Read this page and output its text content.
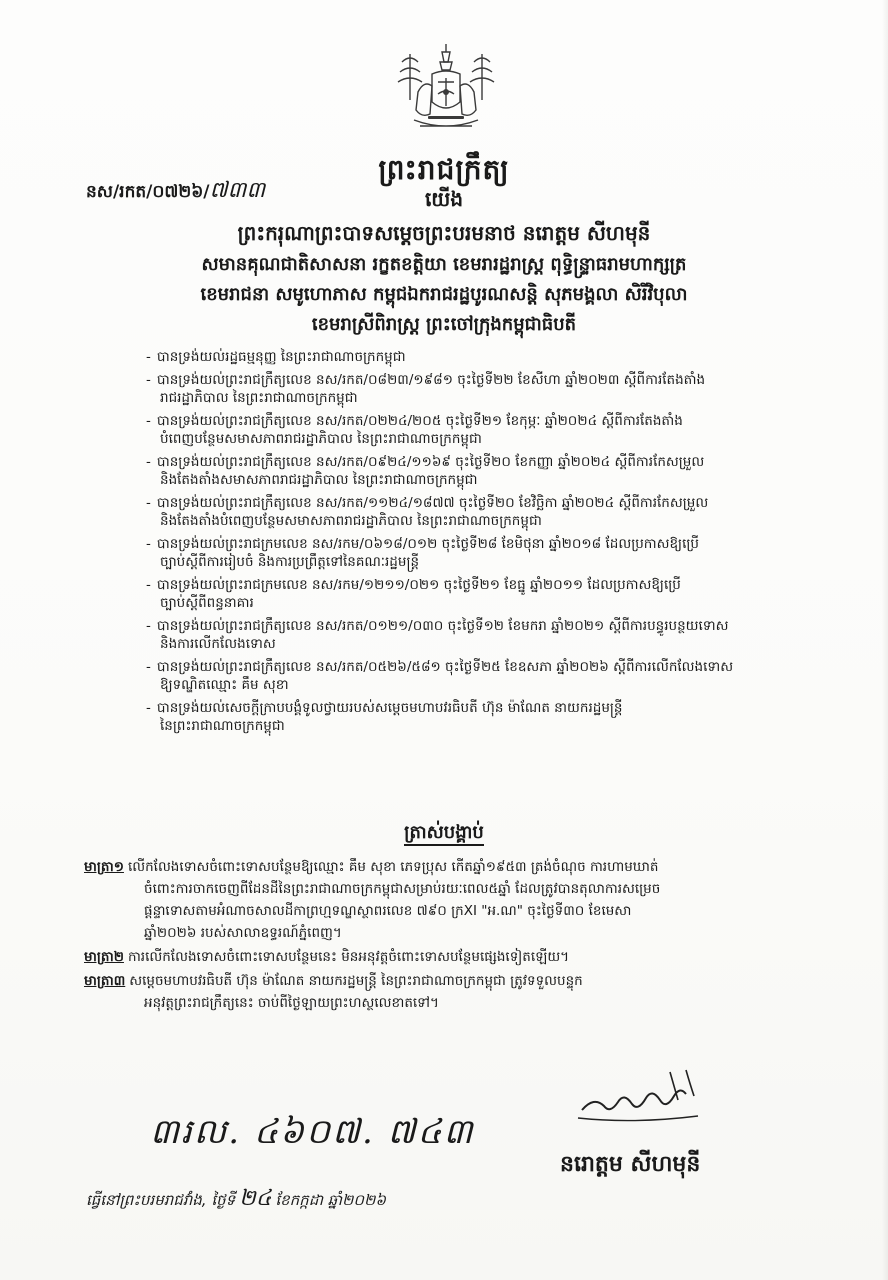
ព្រះរាជក្រឹត្យ
នស/រកត/០៧២៦/៧៣៣	យើង
ព្រះករុណាព្រះបាទសម្តេចព្រះបរមនាថ នរោត្តម សីហមុនី
សមានគុណជាតិសាសនា រក្ខតខត្តិយា ខេមរារដ្ឋរាស្ត្រ ពុទ្ធិន្ទ្រាធរាមហាក្សត្រ
ខេមរាជនា សមូហោភាស កម្ពុជឯករាជរដ្ឋបូរណសន្តិ សុភមង្គលា សិរីវិបុលា
ខេមរាស្រីពិរាស្ត្រ ព្រះចៅក្រុងកម្ពុជាធិបតី
- បានទ្រង់យល់រដ្ឋធម្មនុញ្ញ នៃព្រះរាជាណាចក្រកម្ពុជា
- បានទ្រង់យល់ព្រះរាជក្រឹត្យលេខ នស/រកត/០៨២៣/១៩៨១ ចុះថ្ងៃទី២២ ខែសីហា ឆ្នាំ២០២៣ ស្តីពីការតែងតាំង
រាជរដ្ឋាភិបាល នៃព្រះរាជាណាចក្រកម្ពុជា
- បានទ្រង់យល់ព្រះរាជក្រឹត្យលេខ នស/រកត/០២២៤/២០៥ ចុះថ្ងៃទី២១ ខែកុម្ភៈ ឆ្នាំ២០២៤ ស្តីពីការតែងតាំង
បំពេញបន្ថែមសមាសភាពរាជរដ្ឋាភិបាល នៃព្រះរាជាណាចក្រកម្ពុជា
- បានទ្រង់យល់ព្រះរាជក្រឹត្យលេខ នស/រកត/០៩២៤/១១៦៩ ចុះថ្ងៃទី២០ ខែកញ្ញា ឆ្នាំ២០២៤ ស្តីពីការកែសម្រួល
និងតែងតាំងសមាសភាពរាជរដ្ឋាភិបាល នៃព្រះរាជាណាចក្រកម្ពុជា
- បានទ្រង់យល់ព្រះរាជក្រឹត្យលេខ នស/រកត/១១២៤/១៨៧៧ ចុះថ្ងៃទី២០ ខែវិច្ឆិកា ឆ្នាំ២០២៤ ស្តីពីការកែសម្រួល
និងតែងតាំងបំពេញបន្ថែមសមាសភាពរាជរដ្ឋាភិបាល នៃព្រះរាជាណាចក្រកម្ពុជា
- បានទ្រង់យល់ព្រះរាជក្រមលេខ នស/រកម/០៦១៨/០១២ ចុះថ្ងៃទី២៨ ខែមិថុនា ឆ្នាំ២០១៨ ដែលប្រកាសឱ្យប្រើ
ច្បាប់ស្តីពីការរៀបចំ និងការប្រព្រឹត្តទៅនៃគណៈរដ្ឋមន្ត្រី
- បានទ្រង់យល់ព្រះរាជក្រមលេខ នស/រកម/១២១១/០២១ ចុះថ្ងៃទី២១ ខែធ្នូ ឆ្នាំ២០១១ ដែលប្រកាសឱ្យប្រើ
ច្បាប់ស្តីពីពន្ធនាគារ
- បានទ្រង់យល់ព្រះរាជក្រឹត្យលេខ នស/រកត/០១២១/០៣០ ចុះថ្ងៃទី១២ ខែមករា ឆ្នាំ២០២១ ស្តីពីការបន្ធូរបន្ថយទោស
និងការលើកលែងទោស
- បានទ្រង់យល់ព្រះរាជក្រឹត្យលេខ នស/រកត/០៥២៦/៥៨១ ចុះថ្ងៃទី២៥ ខែឧសភា ឆ្នាំ២០២៦ ស្តីពីការលើកលែងទោស
ឱ្យទណ្ឌិតឈ្មោះ គឹម សុខា
- បានទ្រង់យល់សេចក្តីក្រាបបង្គំទូលថ្វាយរបស់សម្តេចមហាបវរធិបតី ហ៊ុន ម៉ាណែត នាយករដ្ឋមន្ត្រី
នៃព្រះរាជាណាចក្រកម្ពុជា
ត្រាស់បង្គាប់
មាត្រា១ លើកលែងទោសចំពោះទោសបន្ថែមឱ្យឈ្មោះ គឹម សុខា ភេទប្រុស កើតឆ្នាំ១៩៥៣ ត្រង់ចំណុច ការហាមឃាត់
ចំពោះការចាកចេញពីដែនដីនៃព្រះរាជាណាចក្រកម្ពុជាសម្រាប់រយៈពេល៥ឆ្នាំ ដែលត្រូវបានតុលាការសម្រេច
ផ្តន្ទាទោសតាមអំណាចសាលដីកាព្រហ្មទណ្ឌស្ថាពរលេខ ៧៩០ ក្រXI "អ.ណ" ចុះថ្ងៃទី៣០ ខែមេសា
ឆ្នាំ២០២៦ របស់សាលាឧទ្ធរណ៍ភ្នំពេញ។
មាត្រា២ ការលើកលែងទោសចំពោះទោសបន្ថែមនេះ មិនអនុវត្តចំពោះទោសបន្ថែមផ្សេងទៀតឡើយ។
មាត្រា៣ សម្តេចមហាបវរធិបតី ហ៊ុន ម៉ាណែត នាយករដ្ឋមន្ត្រី នៃព្រះរាជាណាចក្រកម្ពុជា ត្រូវទទួលបន្ទុក
អនុវត្តព្រះរាជក្រឹត្យនេះ ចាប់ពីថ្ងៃឡាយព្រះហស្ថលេខាតទៅ។
៣រល. ៤៦០៧. ៧៤៣
នរោត្តម សីហមុនី
ធ្វើនៅព្រះបរមរាជវាំង, ថ្ងៃទី ២៤ ខែកក្កដា ឆ្នាំ២០២៦
